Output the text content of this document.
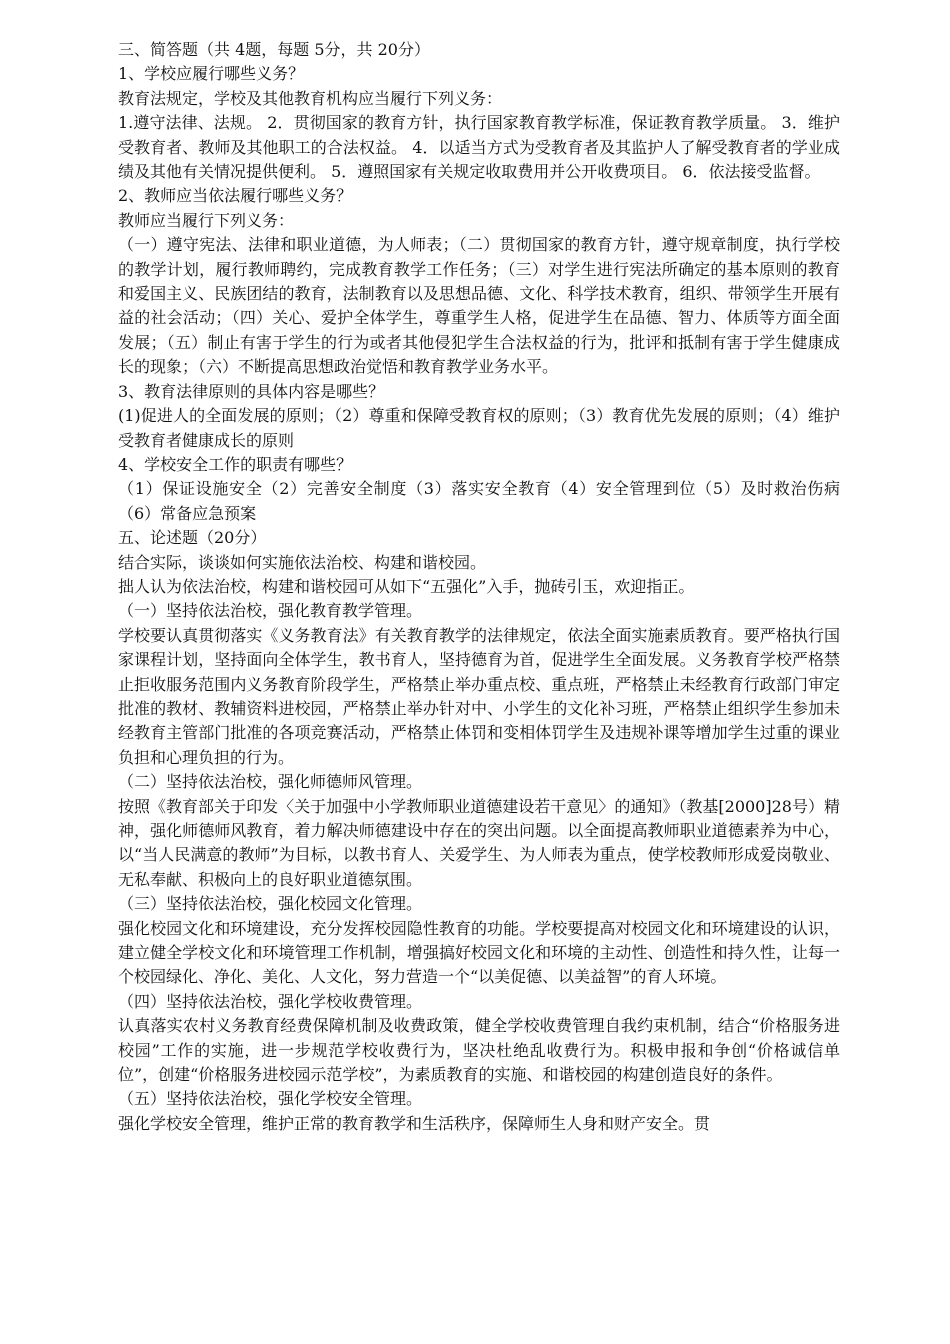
三、简答题（共 4题，每题 5分，共 20分）

1、学校应履行哪些义务？

教育法规定，学校及其他教育机构应当履行下列义务：

1.遵守法律、法规。 2．贯彻国家的教育方针，执行国家教育教学标准，保证教育教学质量。 3．维护受教育者、教师及其他职工的合法权益。 4．以适当方式为受教育者及其监护人了解受教育者的学业成绩及其他有关情况提供便利。 5．遵照国家有关规定收取费用并公开收费项目。 6．依法接受监督。

2、教师应当依法履行哪些义务？

教师应当履行下列义务：

（一）遵守宪法、法律和职业道德，为人师表；（二）贯彻国家的教育方针，遵守规章制度，执行学校的教学计划，履行教师聘约，完成教育教学工作任务；（三）对学生进行宪法所确定的基本原则的教育和爱国主义、民族团结的教育，法制教育以及思想品德、文化、科学技术教育，组织、带领学生开展有益的社会活动；（四）关心、爱护全体学生，尊重学生人格，促进学生在品德、智力、体质等方面全面发展；（五）制止有害于学生的行为或者其他侵犯学生合法权益的行为，批评和抵制有害于学生健康成长的现象；（六）不断提高思想政治觉悟和教育教学业务水平。

3、教育法律原则的具体内容是哪些？

(1)促进人的全面发展的原则；（2）尊重和保障受教育权的原则；（3）教育优先发展的原则；（4）维护受教育者健康成长的原则

4、学校安全工作的职责有哪些？

（1）保证设施安全（2）完善安全制度（3）落实安全教育（4）安全管理到位（5）及时救治伤病（6）常备应急预案

五、论述题（20分）

结合实际，谈谈如何实施依法治校、构建和谐校园。

拙人认为依法治校，构建和谐校园可从如下“五强化”入手，抛砖引玉，欢迎指正。

（一）坚持依法治校，强化教育教学管理。

学校要认真贯彻落实《义务教育法》有关教育教学的法律规定，依法全面实施素质教育。要严格执行国家课程计划，坚持面向全体学生，教书育人，坚持德育为首，促进学生全面发展。义务教育学校严格禁止拒收服务范围内义务教育阶段学生，严格禁止举办重点校、重点班，严格禁止未经教育行政部门审定批准的教材、教辅资料进校园，严格禁止举办针对中、小学生的文化补习班，严格禁止组织学生参加未经教育主管部门批准的各项竞赛活动，严格禁止体罚和变相体罚学生及违规补课等增加学生过重的课业负担和心理负担的行为。

（二）坚持依法治校，强化师德师风管理。

按照《教育部关于印发〈关于加强中小学教师职业道德建设若干意见〉的通知》（教基[2000]28号）精神，强化师德师风教育，着力解决师德建设中存在的突出问题。以全面提高教师职业道德素养为中心，以“当人民满意的教师”为目标，以教书育人、关爱学生、为人师表为重点，使学校教师形成爱岗敬业、无私奉献、积极向上的良好职业道德氛围。

（三）坚持依法治校，强化校园文化管理。

强化校园文化和环境建设，充分发挥校园隐性教育的功能。学校要提高对校园文化和环境建设的认识，建立健全学校文化和环境管理工作机制，增强搞好校园文化和环境的主动性、创造性和持久性，让每一个校园绿化、净化、美化、人文化，努力营造一个“以美促德、以美益智”的育人环境。

（四）坚持依法治校，强化学校收费管理。

认真落实农村义务教育经费保障机制及收费政策，健全学校收费管理自我约束机制，结合“价格服务进校园”工作的实施，进一步规范学校收费行为，坚决杜绝乱收费行为。积极申报和争创“价格诚信单位”，创建“价格服务进校园示范学校”，为素质教育的实施、和谐校园的构建创造良好的条件。

（五）坚持依法治校，强化学校安全管理。

强化学校安全管理，维护正常的教育教学和生活秩序，保障师生人身和财产安全。贯
